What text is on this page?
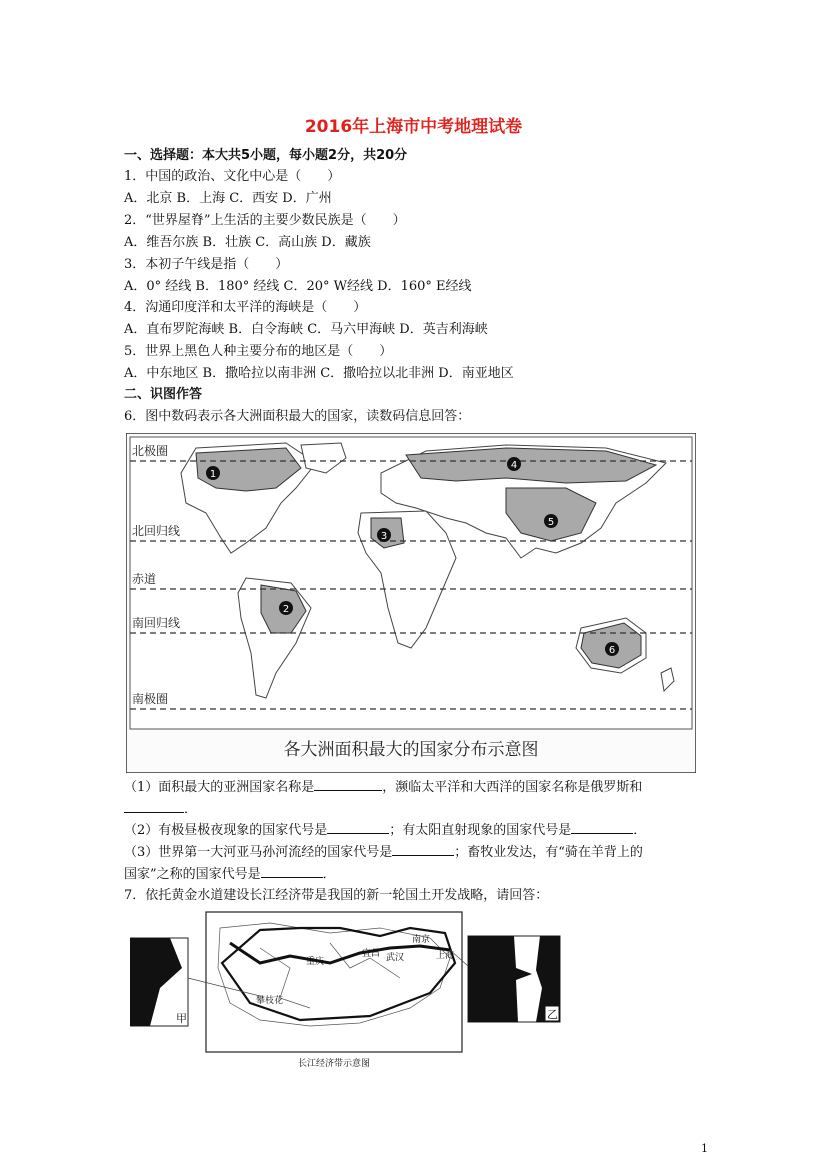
2016年上海市中考地理试卷
一、选择题：本大共5小题，每小题2分，共20分
1．中国的政治、文化中心是（　　）
A．北京 B．上海 C．西安 D．广州
2．“世界屋脊”上生活的主要少数民族是（　　）
A．维吾尔族 B．壮族 C．高山族 D．藏族
3．本初子午线是指（　　）
A．0° 经线 B．180° 经线 C．20° W经线 D．160° E经线
4．沟通印度洋和太平洋的海峡是（　　）
A．直布罗陀海峡 B．白令海峡 C．马六甲海峡 D．英吉利海峡
5．世界上黑色人种主要分布的地区是（　　）
A．中东地区 B．撒哈拉以南非洲 C．撒哈拉以北非洲 D．南亚地区
二、识图作答
6．图中数码表示各大洲面积最大的国家，读数码信息回答：
北极圈
北回归线
赤道
南回归线
南极圈
1
2
3
4
5
6
各大洲面积最大的国家分布示意图
（1）面积最大的亚洲国家名称是	，濒临太平洋和大西洋的国家名称是俄罗斯和
．
（2）有极昼极夜现象的国家代号是	；有太阳直射现象的国家代号是	．
（3）世界第一大河亚马孙河流经的国家代号是	；畜牧业发达，有“骑在羊背上的
国家”之称的国家代号是	．
7．依托黄金水道建设长江经济带是我国的新一轮国土开发战略，请回答：
甲
攀枝花
重庆
宜昌 武汉
南京
上海
长江经济带示意图
乙
1
